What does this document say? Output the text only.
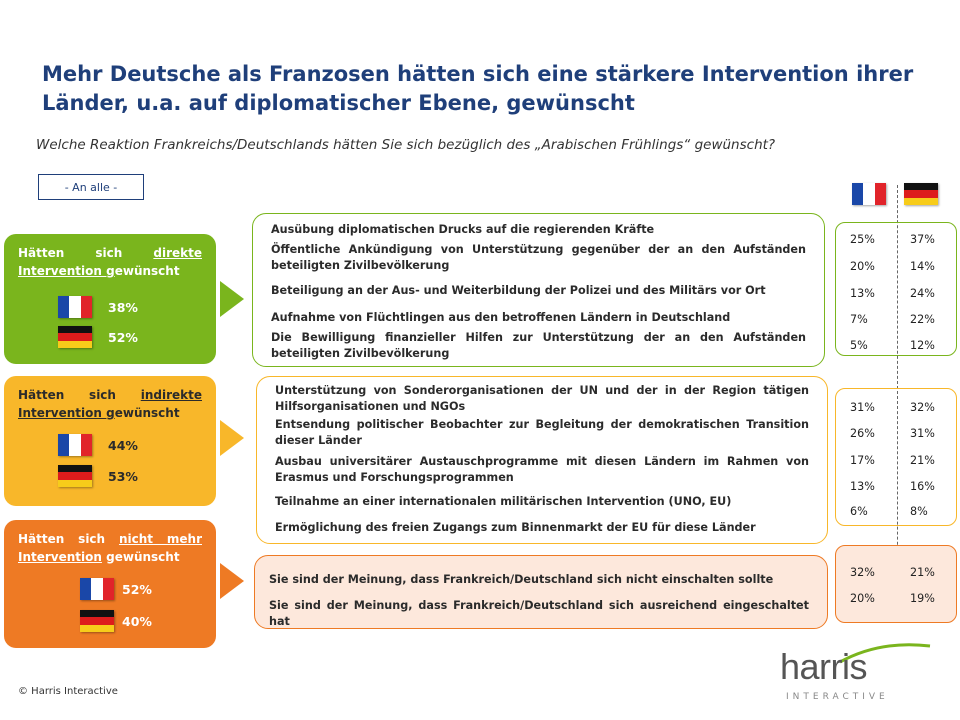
Mehr Deutsche als Franzosen hätten sich eine stärkere Intervention ihrer Länder, u.a. auf diplomatischer Ebene, gewünscht
Welche Reaktion Frankreichs/Deutschlands hätten Sie sich bezüglich des „Arabischen Frühlings“ gewünscht?
- An alle -
Hätten sich direkte Intervention gewünscht
38%
52%
Ausübung diplomatischen Drucks auf die regierenden Kräfte
Öffentliche Ankündigung von Unterstützung gegenüber der an den Aufständen beteiligten Zivilbevölkerung
Beteiligung an der Aus- und Weiterbildung der Polizei und des Militärs vor Ort
Aufnahme von Flüchtlingen aus den betroffenen Ländern in Deutschland
Die Bewilligung finanzieller Hilfen zur Unterstützung der an den Aufständen beteiligten Zivilbevölkerung
25%	37%
20%	14%
13%	24%
7%	22%
5%	12%
Hätten sich indirekte Intervention gewünscht
44%
53%
Unterstützung von Sonderorganisationen der UN und der in der Region tätigen Hilfsorganisationen und NGOs
Entsendung politischer Beobachter zur Begleitung der demokratischen Transition dieser Länder
Ausbau universitärer Austauschprogramme mit diesen Ländern im Rahmen von Erasmus und Forschungsprogrammen
Teilnahme an einer internationalen militärischen Intervention (UNO, EU)
Ermöglichung des freien Zugangs zum Binnenmarkt der EU für diese Länder
31%	32%
26%	31%
17%	21%
13%	16%
6%	8%
Hätten sich nicht mehr Intervention gewünscht
52%
40%
Sie sind der Meinung, dass Frankreich/Deutschland sich nicht einschalten sollte
Sie sind der Meinung, dass Frankreich/Deutschland sich ausreichend eingeschaltet hat
32%	21%
20%	19%
© Harris Interactive
harris
INTERACTIVE
